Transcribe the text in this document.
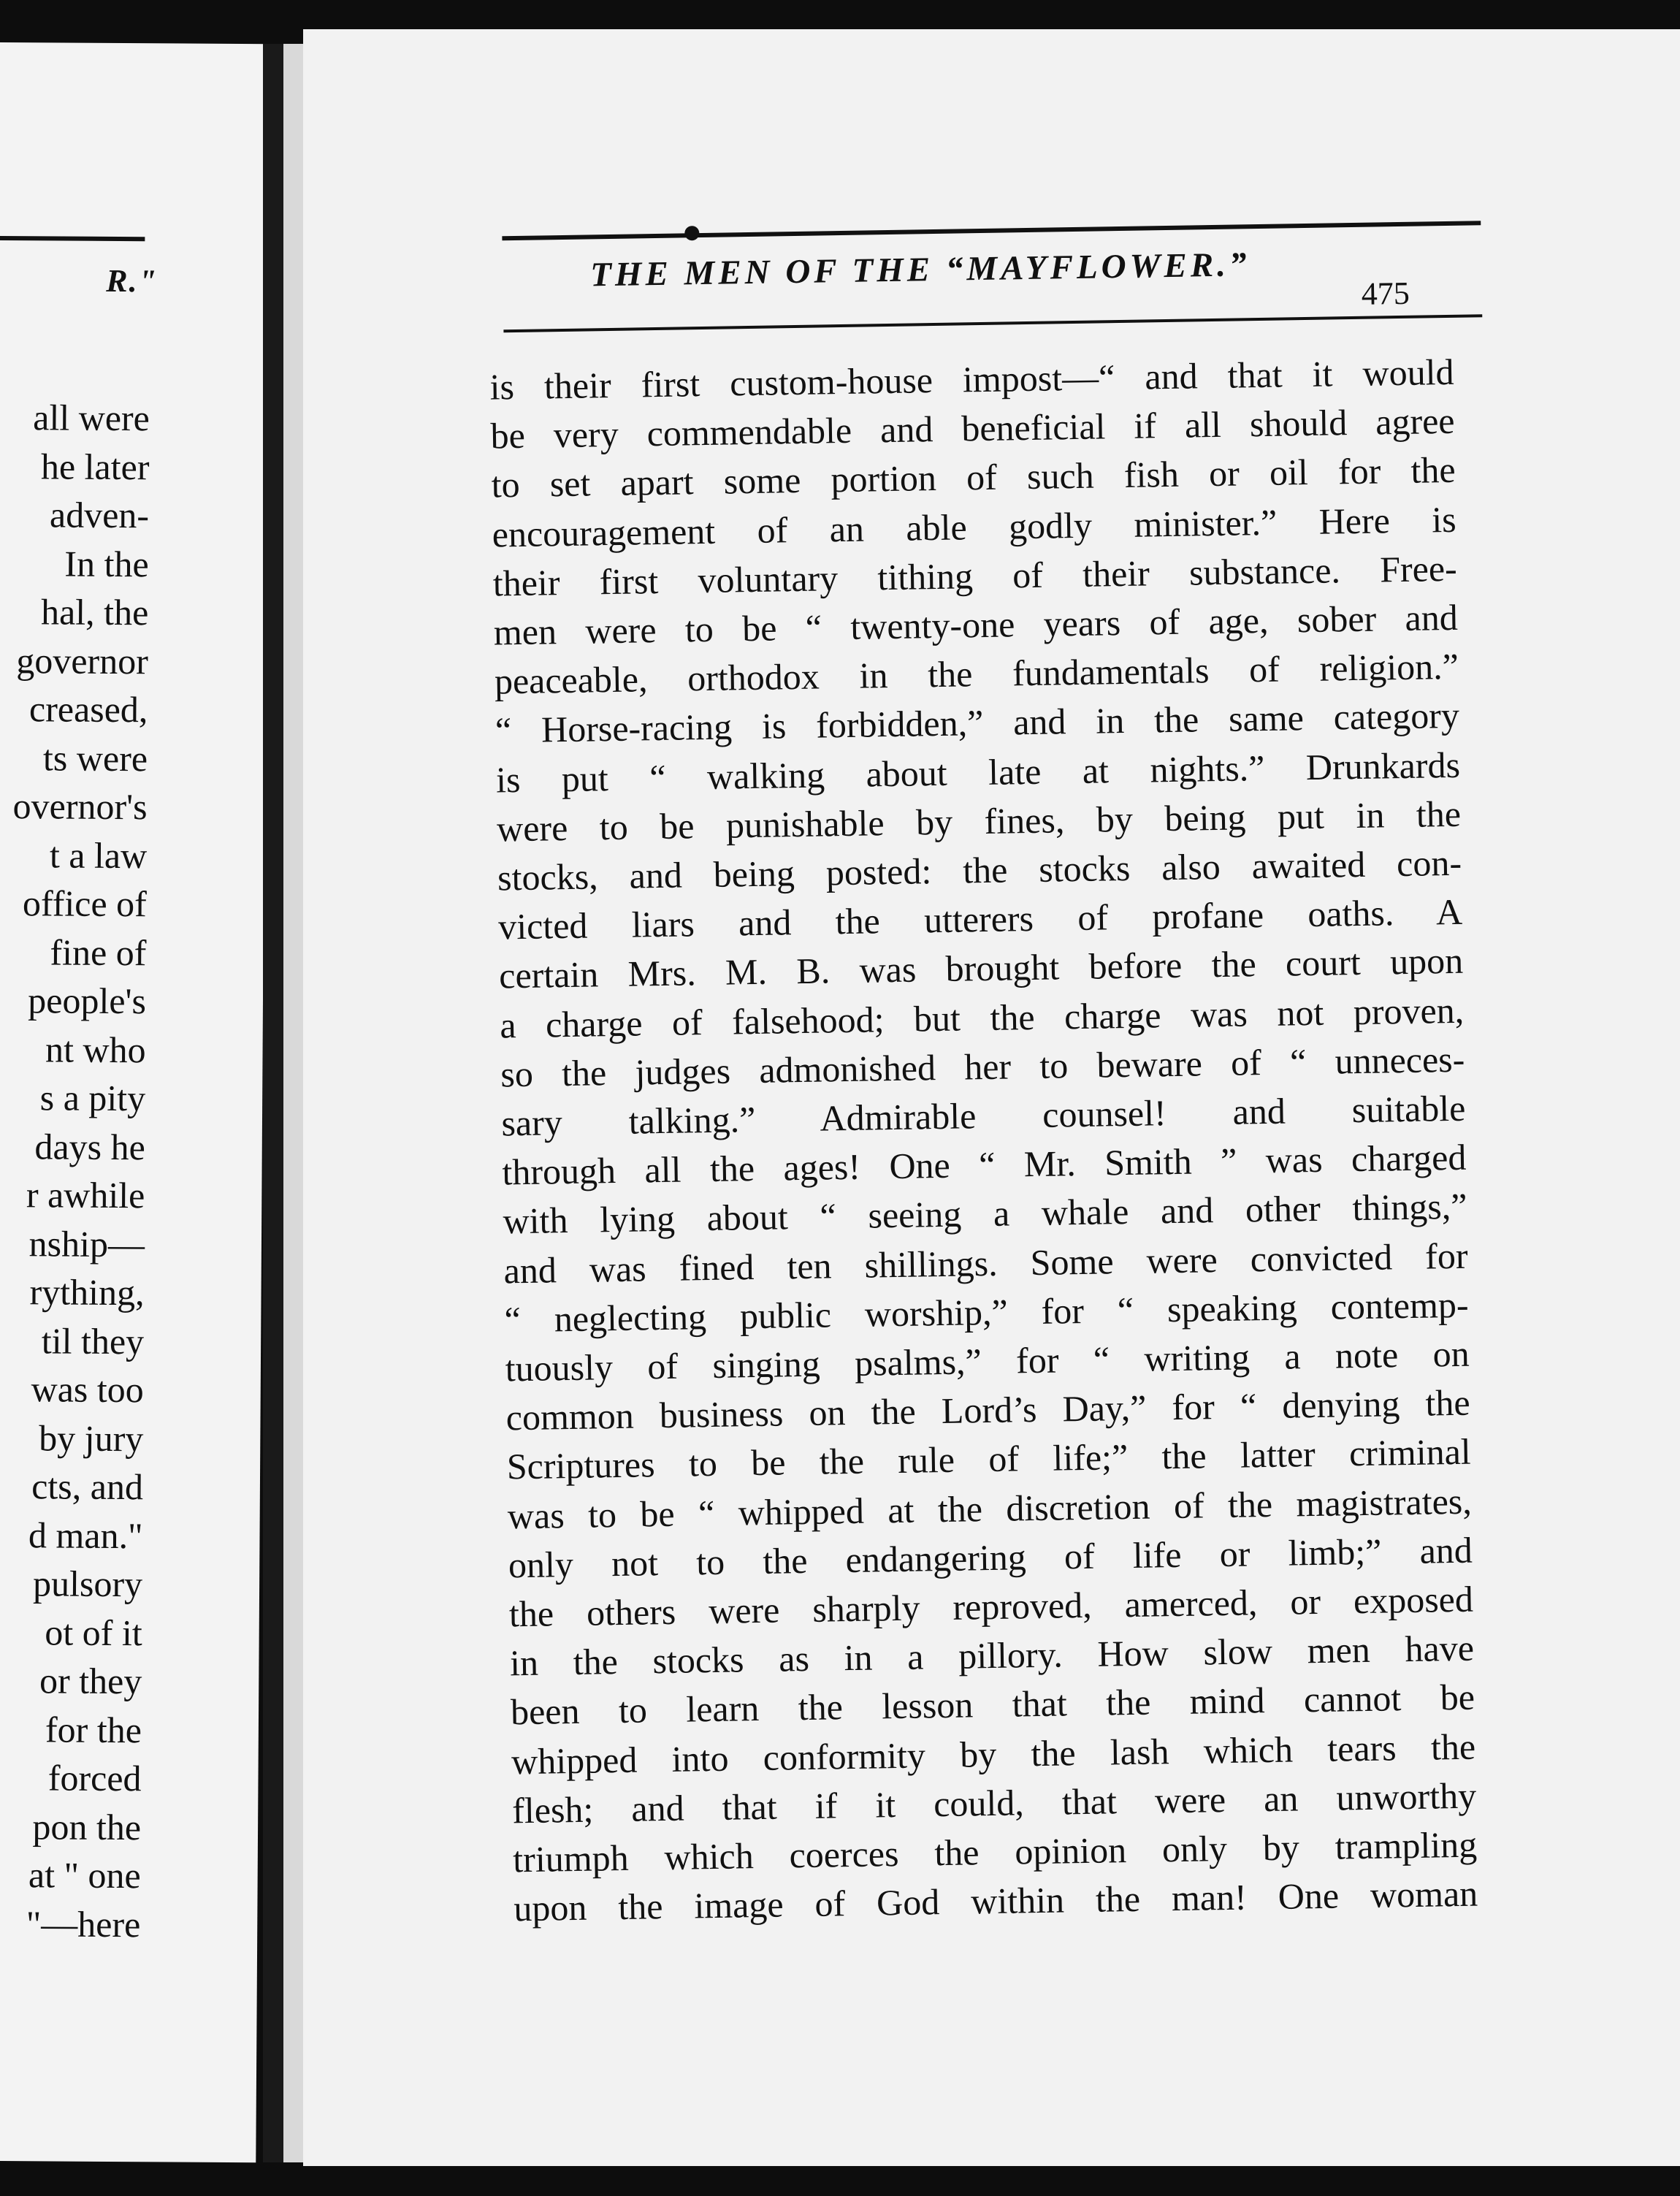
R."
all were
he later
adven-
In the
hal, the
governor
creased,
ts were
overnor's
t a law
office of
fine of
people's
nt who
s a pity
days he
r awhile
nship—
rything,
til they
was too
by jury
cts, and
d man."
pulsory
ot of it
or they
for the
forced
pon the
at " one
"—here
THE MEN OF THE “MAYFLOWER.”	475
is their first custom-house impost—“ and that it would
be very commendable and beneficial if all should agree
to set apart some portion of such fish or oil for the
encouragement of an able godly minister.” Here is
their first voluntary tithing of their substance. Free-
men were to be “ twenty-one years of age, sober and
peaceable, orthodox in the fundamentals of religion.”
“ Horse-racing is forbidden,” and in the same category
is put “ walking about late at nights.” Drunkards
were to be punishable by fines, by being put in the
stocks, and being posted: the stocks also awaited con-
victed liars and the utterers of profane oaths. A
certain Mrs. M. B. was brought before the court upon
a charge of falsehood; but the charge was not proven,
so the judges admonished her to beware of “ unneces-
sary talking.” Admirable counsel! and suitable
through all the ages! One “ Mr. Smith ” was charged
with lying about “ seeing a whale and other things,”
and was fined ten shillings. Some were convicted for
“ neglecting public worship,” for “ speaking contemp-
tuously of singing psalms,” for “ writing a note on
common business on the Lord’s Day,” for “ denying the
Scriptures to be the rule of life;” the latter criminal
was to be “ whipped at the discretion of the magistrates,
only not to the endangering of life or limb;” and
the others were sharply reproved, amerced, or exposed
in the stocks as in a pillory. How slow men have
been to learn the lesson that the mind cannot be
whipped into conformity by the lash which tears the
flesh; and that if it could, that were an unworthy
triumph which coerces the opinion only by trampling
upon the image of God within the man! One woman
